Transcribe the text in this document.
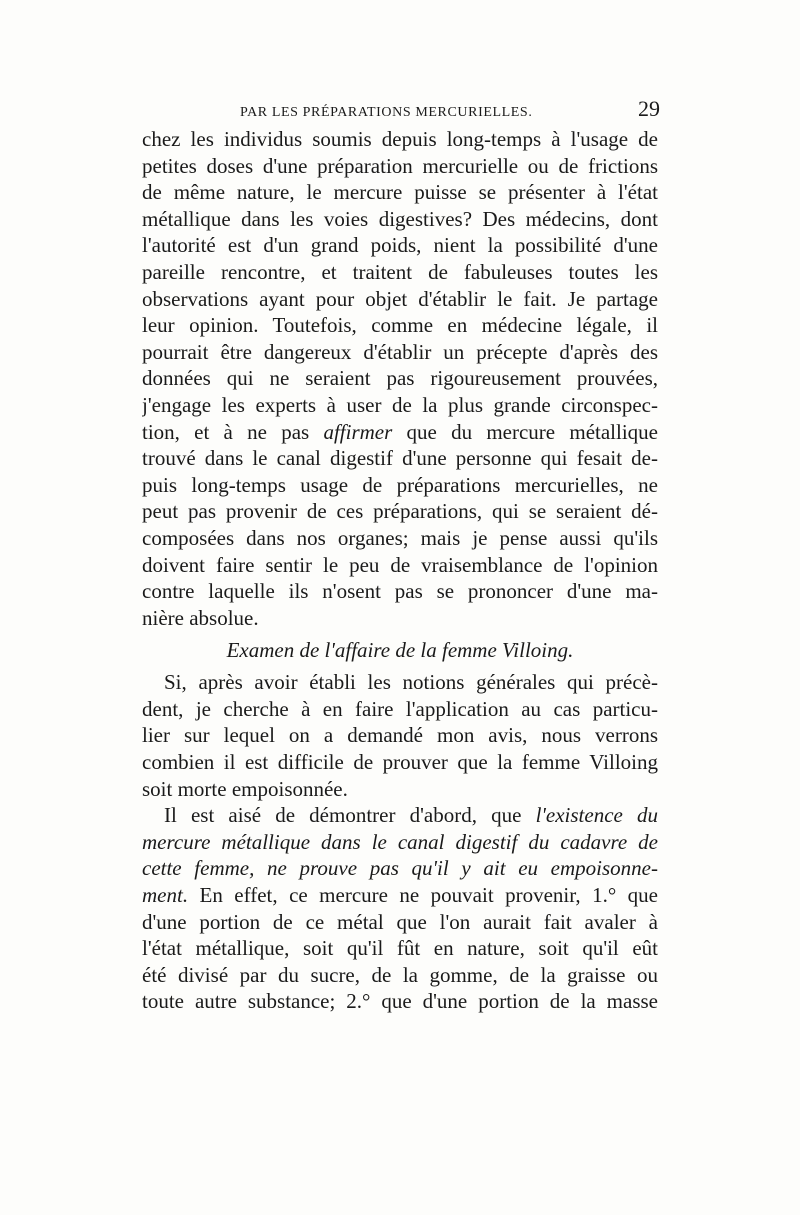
PAR LES PRÉPARATIONS MERCURIELLES.	29
chez les individus soumis depuis long-temps à l'usage de
petites doses d'une préparation mercurielle ou de frictions
de même nature, le mercure puisse se présenter à l'état
métallique dans les voies digestives? Des médecins, dont
l'autorité est d'un grand poids, nient la possibilité d'une
pareille rencontre, et traitent de fabuleuses toutes les
observations ayant pour objet d'établir le fait. Je partage
leur opinion. Toutefois, comme en médecine légale, il
pourrait être dangereux d'établir un précepte d'après des
données qui ne seraient pas rigoureusement prouvées,
j'engage les experts à user de la plus grande circonspec-
tion, et à ne pas affirmer que du mercure métallique
trouvé dans le canal digestif d'une personne qui fesait de-
puis long-temps usage de préparations mercurielles, ne
peut pas provenir de ces préparations, qui se seraient dé-
composées dans nos organes; mais je pense aussi qu'ils
doivent faire sentir le peu de vraisemblance de l'opinion
contre laquelle ils n'osent pas se prononcer d'une ma-
nière absolue.
Examen de l'affaire de la femme Villoing.
Si, après avoir établi les notions générales qui précè-
dent, je cherche à en faire l'application au cas particu-
lier sur lequel on a demandé mon avis, nous verrons
combien il est difficile de prouver que la femme Villoing
soit morte empoisonnée.
Il est aisé de démontrer d'abord, que l'existence du
mercure métallique dans le canal digestif du cadavre de
cette femme, ne prouve pas qu'il y ait eu empoisonne-
ment. En effet, ce mercure ne pouvait provenir, 1.° que
d'une portion de ce métal que l'on aurait fait avaler à
l'état métallique, soit qu'il fût en nature, soit qu'il eût
été divisé par du sucre, de la gomme, de la graisse ou
toute autre substance; 2.° que d'une portion de la masse
